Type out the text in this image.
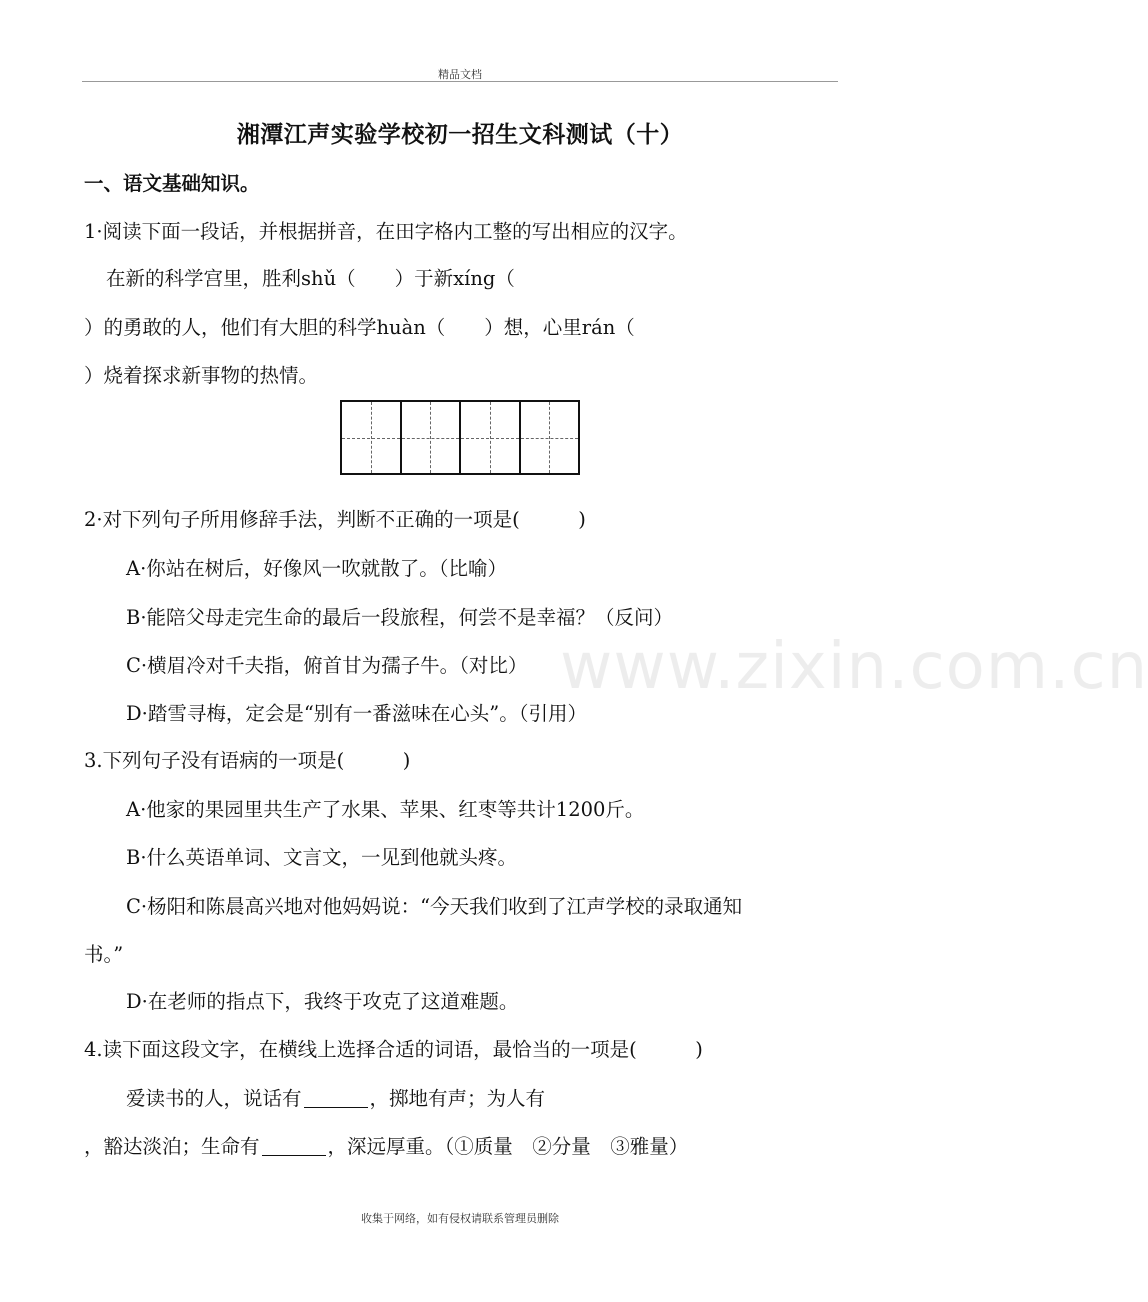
精品文档
湘潭江声实验学校初一招生文科测试（十）
一、语文基础知识。
1·阅读下面一段话，并根据拼音，在田字格内工整的写出相应的汉字。
在新的科学宫里，胜利shǔ（　　）于新xíng（
）的勇敢的人，他们有大胆的科学huàn（　　）想，心里rán（
）烧着探求新事物的热情。
2·对下列句子所用修辞手法，判断不正确的一项是(　　　)
A·你站在树后，好像风一吹就散了。（比喻）
B·能陪父母走完生命的最后一段旅程，何尝不是幸福？（反问）
C·横眉冷对千夫指，俯首甘为孺子牛。（对比）
D·踏雪寻梅，定会是“别有一番滋味在心头”。（引用）
3.下列句子没有语病的一项是(　　　)
A·他家的果园里共生产了水果、苹果、红枣等共计1200斤。
B·什么英语单词、文言文，一见到他就头疼。
C·杨阳和陈晨高兴地对他妈妈说：“今天我们收到了江声学校的录取通知
书。”
D·在老师的指点下，我终于攻克了这道难题。
4.读下面这段文字，在横线上选择合适的词语，最恰当的一项是(　　　)
爱读书的人，说话有	，掷地有声；为人有
，豁达淡泊；生命有	，深远厚重。（①质量　②分量　③雅量）
www.zixin.com.cn
收集于网络，如有侵权请联系管理员删除
